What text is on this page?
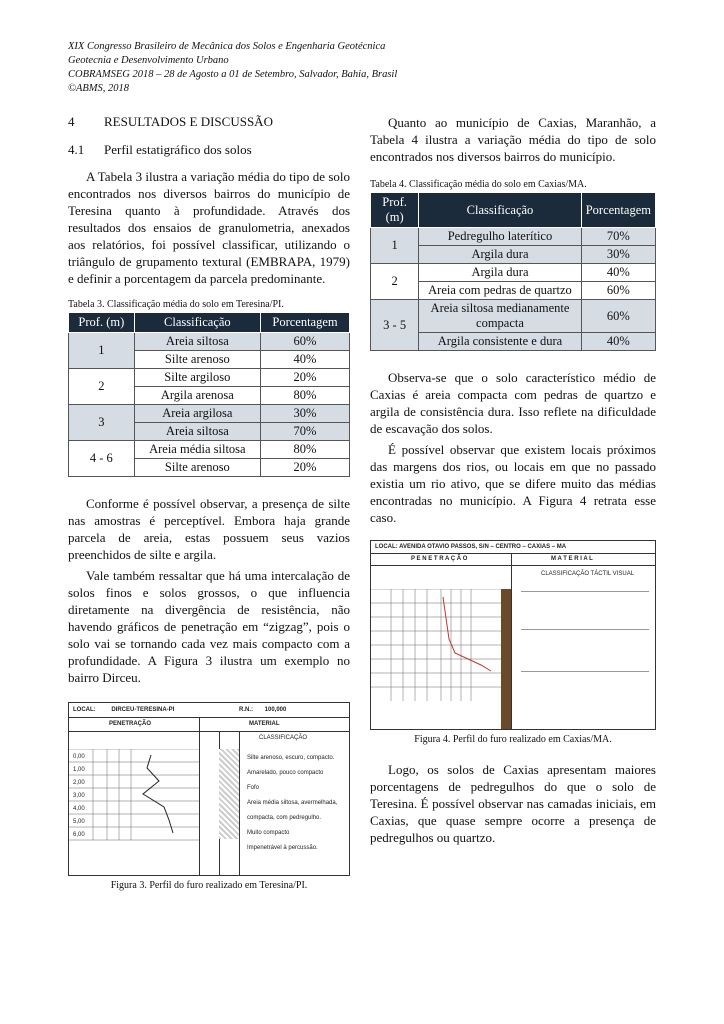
XIX Congresso Brasileiro de Mecânica dos Solos e Engenharia Geotécnica
Geotecnia e Desenvolvimento Urbano
COBRAMSEG 2018 – 28 de Agosto a 01 de Setembro, Salvador, Bahia, Brasil
©ABMS, 2018
4 RESULTADOS E DISCUSSÃO
4.1 Perfil estatigráfico dos solos

A Tabela 3 ilustra a variação média do tipo de solo encontrados nos diversos bairros do município de Teresina quanto à profundidade. Através dos resultados dos ensaios de granulometria, anexados aos relatórios, foi possível classificar, utilizando o triângulo de grupamento textural (EMBRAPA, 1979) e definir a porcentagem da parcela predominante.

Tabela 3. Classificação média do solo em Teresina/PI.
Prof. (m)	Classificação	Porcentagem
1	Areia siltosa	60%
	Silte arenoso	40%
2	Silte argiloso	20%
	Argila arenosa	80%
3	Areia argilosa	30%
	Areia siltosa	70%
4 - 6	Areia média siltosa	80%
	Silte arenoso	20%

Conforme é possível observar, a presença de silte nas amostras é perceptível. Embora haja grande parcela de areia, estas possuem seus vazios preenchidos de silte e argila.

Vale também ressaltar que há uma intercalação de solos finos e solos grossos, o que influencia diretamente na divergência de resistência, não havendo gráficos de penetração em “zigzag”, pois o solo vai se tornando cada vez mais compacto com a profundidade. A Figura 3 ilustra um exemplo no bairro Dirceu.

LOCAL:	DIRCEU-TERESINA-PI	R.N.: 100,000
PENETRAÇÃO	MATERIAL
CLASSIFICAÇÃO
0,00
1,00
2,00
3,00
4,00
5,00
6,00
Silte arenoso, escuro, compacto.
Amarelado, pouco compacto
Fofo
Areia média siltosa, avermelhada,
compacta, com pedregulho.
Muito compacto
Impenetrável à percussão.
Figura 3. Perfil do furo realizado em Teresina/PI.

Quanto ao município de Caxias, Maranhão, a Tabela 4 ilustra a variação média do tipo de solo encontrados nos diversos bairros do município.

Tabela 4. Classificação média do solo em Caxias/MA.
Prof. (m)	Classificação	Porcentagem
1	Pedregulho laterítico	70%
	Argila dura	30%
2	Argila dura	40%
	Areia com pedras de quartzo	60%
3 - 5	Areia siltosa medianamente compacta	60%
	Argila consistente e dura	40%

Observa-se que o solo característico médio de Caxias é areia compacta com pedras de quartzo e argila de consistência dura. Isso reflete na dificuldade de escavação dos solos.

É possível observar que existem locais próximos das margens dos rios, ou locais em que no passado existia um rio ativo, que se difere muito das médias encontradas no município. A Figura 4 retrata esse caso.

LOCAL: AVENIDA OTAVIO PASSOS, S/N – CENTRO – CAXIAS – MA
P E N E T R A Ç Ã O	M A T E R I A L
CLASSIFICAÇÃO TÁCTIL VISUAL
Figura 4. Perfil do furo realizado em Caxias/MA.

Logo, os solos de Caxias apresentam maiores porcentagens de pedregulhos do que o solo de Teresina. É possível observar nas camadas iniciais, em Caxias, que quase sempre ocorre a presença de pedregulhos ou quartzo.
